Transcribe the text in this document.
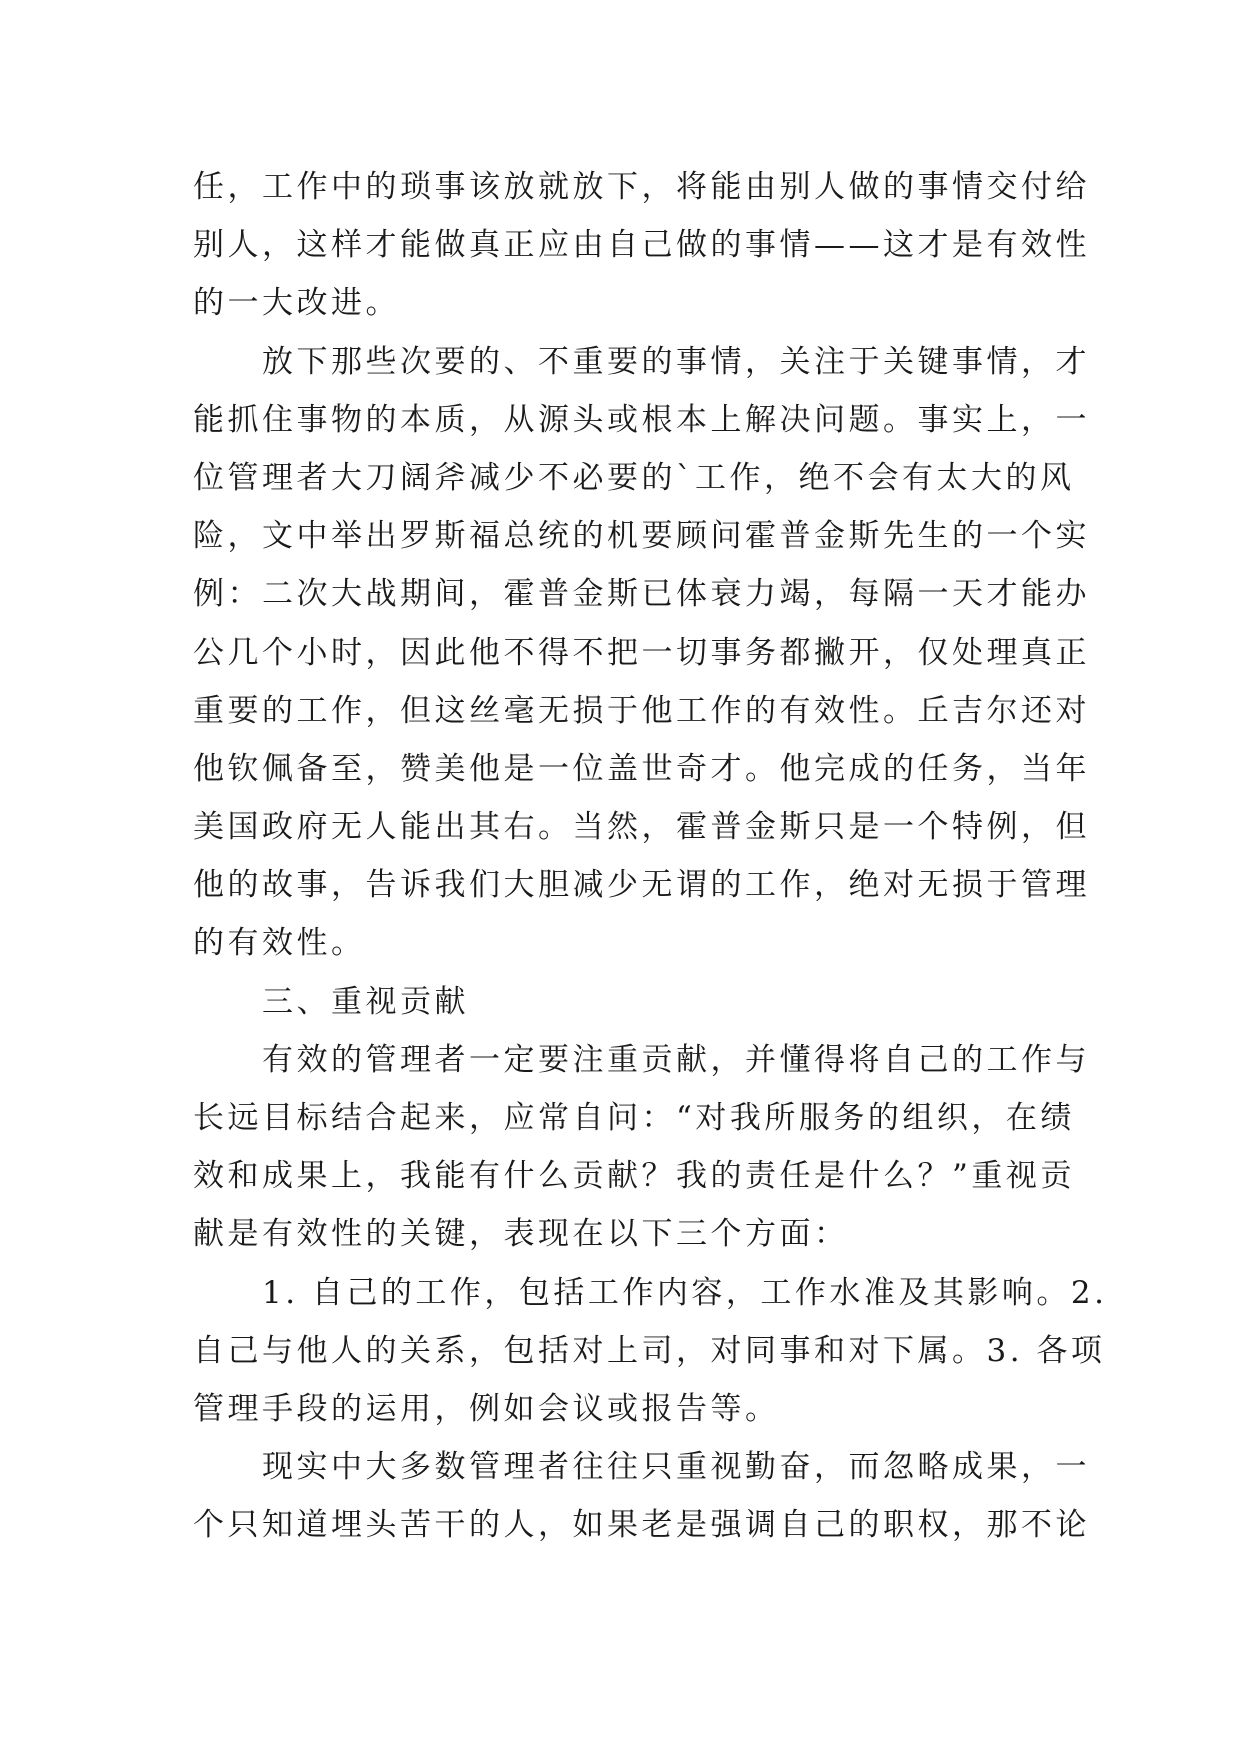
任，工作中的琐事该放就放下，将能由别人做的事情交付给
别人，这样才能做真正应由自己做的事情——这才是有效性
的一大改进。
　　放下那些次要的、不重要的事情，关注于关键事情，才
能抓住事物的本质，从源头或根本上解决问题。事实上，一
位管理者大刀阔斧减少不必要的`工作，绝不会有太大的风
险，文中举出罗斯福总统的机要顾问霍普金斯先生的一个实
例：二次大战期间，霍普金斯已体衰力竭，每隔一天才能办
公几个小时，因此他不得不把一切事务都撇开，仅处理真正
重要的工作，但这丝毫无损于他工作的有效性。丘吉尔还对
他钦佩备至，赞美他是一位盖世奇才。他完成的任务，当年
美国政府无人能出其右。当然，霍普金斯只是一个特例，但
他的故事，告诉我们大胆减少无谓的工作，绝对无损于管理
的有效性。
　　三、重视贡献
　　有效的管理者一定要注重贡献，并懂得将自己的工作与
长远目标结合起来，应常自问：“对我所服务的组织，在绩
效和成果上，我能有什么贡献？我的责任是什么？”重视贡
献是有效性的关键，表现在以下三个方面：
　　1. 自己的工作，包括工作内容，工作水准及其影响。2.
自己与他人的关系，包括对上司，对同事和对下属。3. 各项
管理手段的运用，例如会议或报告等。
　　现实中大多数管理者往往只重视勤奋，而忽略成果，一
个只知道埋头苦干的人，如果老是强调自己的职权，那不论
